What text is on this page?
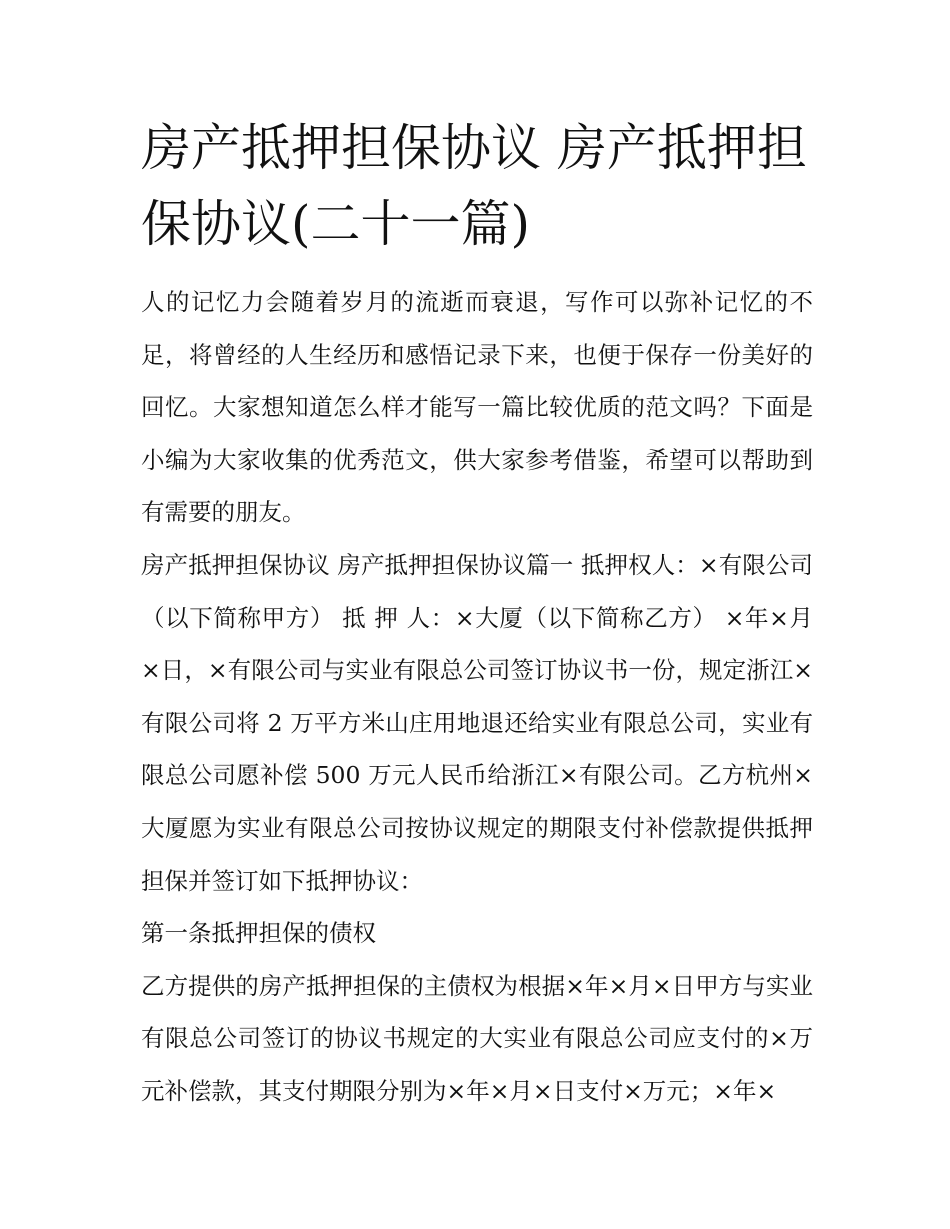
房产抵押担保协议 房产抵押担保协议(二十一篇)

人的记忆力会随着岁月的流逝而衰退，写作可以弥补记忆的不足，将曾经的人生经历和感悟记录下来，也便于保存一份美好的回忆。大家想知道怎么样才能写一篇比较优质的范文吗？下面是小编为大家收集的优秀范文，供大家参考借鉴，希望可以帮助到有需要的朋友。

房产抵押担保协议 房产抵押担保协议篇一 抵押权人：×有限公司（以下简称甲方） 抵 押 人：×大厦（以下简称乙方） ×年×月×日，×有限公司与实业有限总公司签订协议书一份，规定浙江×有限公司将 2 万平方米山庄用地退还给实业有限总公司，实业有限总公司愿补偿 500 万元人民币给浙江×有限公司。乙方杭州×大厦愿为实业有限总公司按协议规定的期限支付补偿款提供抵押担保并签订如下抵押协议：

第一条抵押担保的债权

乙方提供的房产抵押担保的主债权为根据×年×月×日甲方与实业有限总公司签订的协议书规定的大实业有限总公司应支付的×万元补偿款，其支付期限分别为×年×月×日支付×万元；×年×
